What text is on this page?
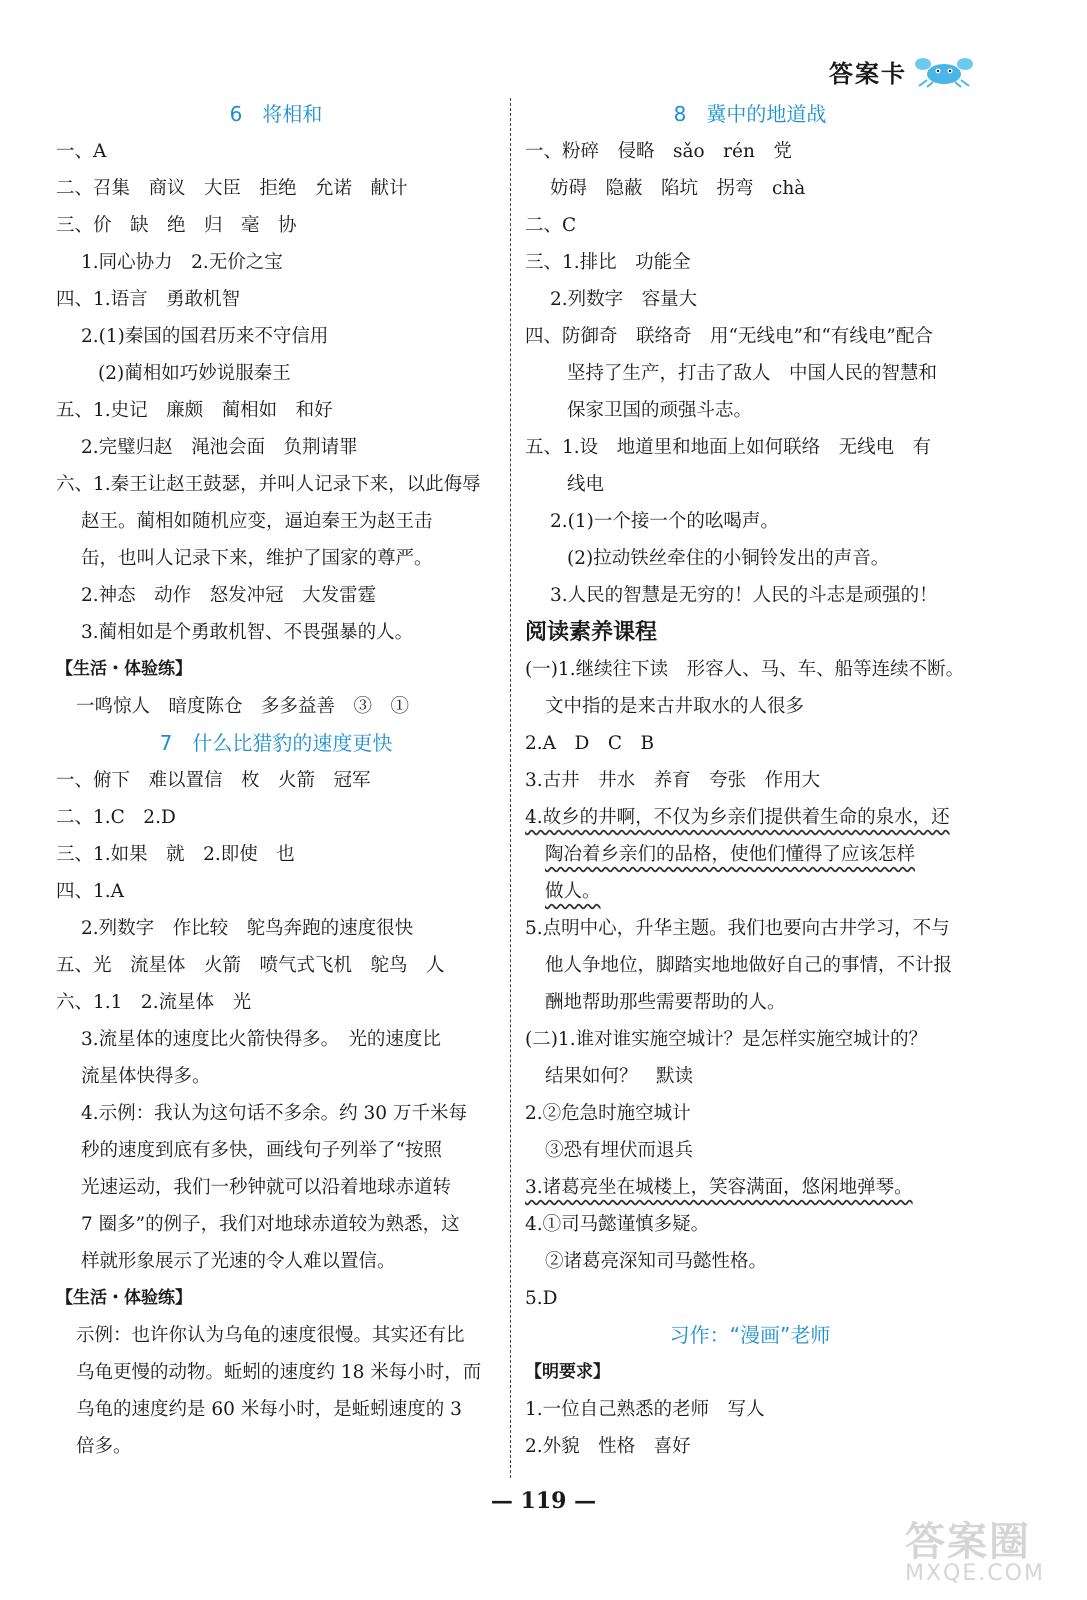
答案卡
6　将相和
一、A
二、召集　商议　大臣　拒绝　允诺　献计
三、价　缺　绝　归　毫　协
1.同心协力　2.无价之宝
四、1.语言　勇敢机智
2.(1)秦国的国君历来不守信用
(2)蔺相如巧妙说服秦王
五、1.史记　廉颇　蔺相如　和好
2.完璧归赵　渑池会面　负荆请罪
六、1.秦王让赵王鼓瑟，并叫人记录下来，以此侮辱
赵王。蔺相如随机应变，逼迫秦王为赵王击
缶，也叫人记录下来，维护了国家的尊严。
2.神态　动作　怒发冲冠　大发雷霆
3.蔺相如是个勇敢机智、不畏强暴的人。
【生活・体验练】
一鸣惊人　暗度陈仓　多多益善　③　①
7　什么比猎豹的速度更快
一、俯下　难以置信　枚　火箭　冠军
二、1.C　2.D
三、1.如果　就　2.即使　也
四、1.A
2.列数字　作比较　鸵鸟奔跑的速度很快
五、光　流星体　火箭　喷气式飞机　鸵鸟　人
六、1.1　2.流星体　光
3.流星体的速度比火箭快得多。　光的速度比
流星体快得多。
4.示例：我认为这句话不多余。约 30 万千米每
秒的速度到底有多快，画线句子列举了“按照
光速运动，我们一秒钟就可以沿着地球赤道转
7 圈多”的例子，我们对地球赤道较为熟悉，这
样就形象展示了光速的令人难以置信。
【生活・体验练】
示例：也许你认为乌龟的速度很慢。其实还有比
乌龟更慢的动物。蚯蚓的速度约 18 米每小时，而
乌龟的速度约是 60 米每小时，是蚯蚓速度的 3
倍多。
8　冀中的地道战
一、粉碎　侵略　sǎo　rén　党
妨碍　隐蔽　陷坑　拐弯　chà
二、C
三、1.排比　功能全
2.列数字　容量大
四、防御奇　联络奇　用“无线电”和“有线电”配合
坚持了生产，打击了敌人　中国人民的智慧和
保家卫国的顽强斗志。
五、1.设　地道里和地面上如何联络　无线电　有
线电
2.(1)一个接一个的吆喝声。
(2)拉动铁丝牵住的小铜铃发出的声音。
3.人民的智慧是无穷的！人民的斗志是顽强的！
阅读素养课程
(一)1.继续往下读　形容人、马、车、船等连续不断。
文中指的是来古井取水的人很多
2.A　D　C　B
3.古井　井水　养育　夸张　作用大
4.故乡的井啊，不仅为乡亲们提供着生命的泉水，还
陶冶着乡亲们的品格，使他们懂得了应该怎样
做人。
5.点明中心，升华主题。我们也要向古井学习，不与
他人争地位，脚踏实地地做好自己的事情，不计报
酬地帮助那些需要帮助的人。
(二)1.谁对谁实施空城计？是怎样实施空城计的？
结果如何？　默读
2.②危急时施空城计
③恐有埋伏而退兵
3.诸葛亮坐在城楼上，笑容满面，悠闲地弹琴。
4.①司马懿谨慎多疑。
②诸葛亮深知司马懿性格。
5.D
习作：“漫画”老师
【明要求】
1.一位自己熟悉的老师　写人
2.外貌　性格　喜好
— 119 —
答案圈
MXQE.COM
